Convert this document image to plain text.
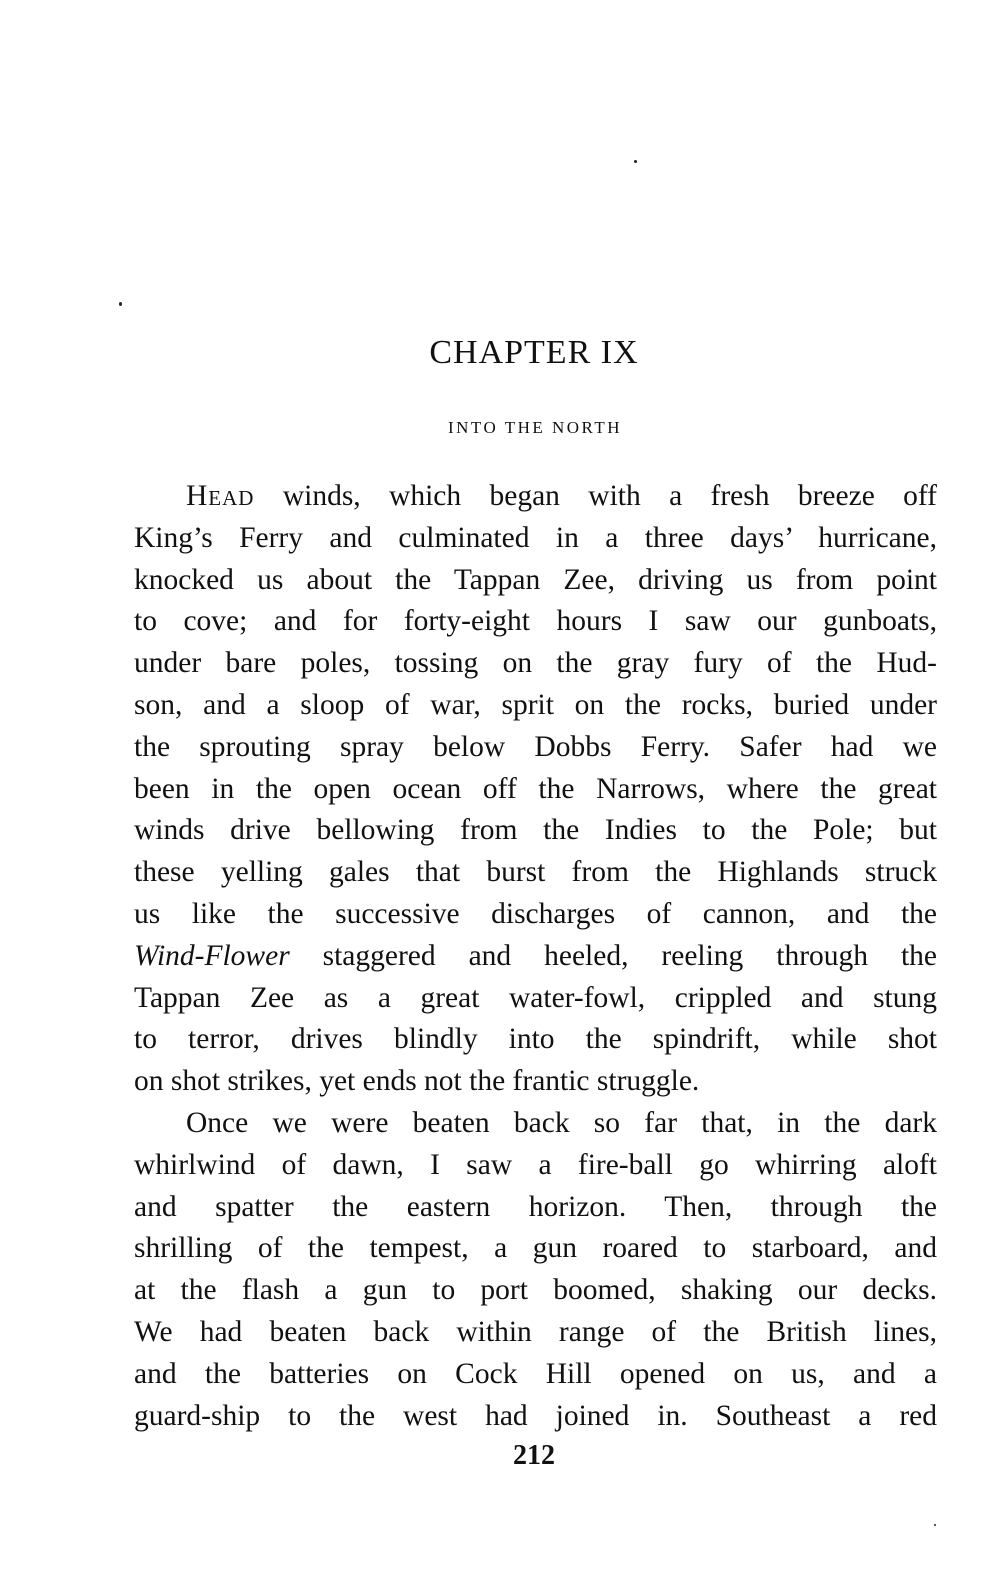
CHAPTER IX
INTO THE NORTH
Head winds, which began with a fresh breeze off
King’s Ferry and culminated in a three days’ hurricane,
knocked us about the Tappan Zee, driving us from point
to cove; and for forty-eight hours I saw our gunboats,
under bare poles, tossing on the gray fury of the Hud-
son, and a sloop of war, sprit on the rocks, buried under
the sprouting spray below Dobbs Ferry. Safer had we
been in the open ocean off the Narrows, where the great
winds drive bellowing from the Indies to the Pole; but
these yelling gales that burst from the Highlands struck
us like the successive discharges of cannon, and the
Wind-Flower staggered and heeled, reeling through the
Tappan Zee as a great water-fowl, crippled and stung
to terror, drives blindly into the spindrift, while shot
on shot strikes, yet ends not the frantic struggle.
Once we were beaten back so far that, in the dark
whirlwind of dawn, I saw a fire-ball go whirring aloft
and spatter the eastern horizon. Then, through the
shrilling of the tempest, a gun roared to starboard, and
at the flash a gun to port boomed, shaking our decks.
We had beaten back within range of the British lines,
and the batteries on Cock Hill opened on us, and a
guard-ship to the west had joined in. Southeast a red
212
